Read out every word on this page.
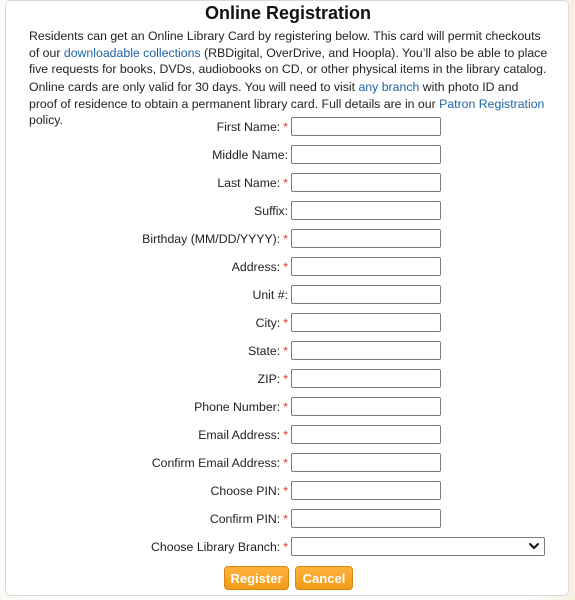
Online Registration

Residents can get an Online Library Card by registering below. This card will permit checkouts of our downloadable collections (RBDigital, OverDrive, and Hoopla). You’ll also be able to place five requests for books, DVDs, audiobooks on CD, or other physical items in the library catalog.

Online cards are only valid for 30 days. You will need to visit any branch with photo ID and proof of residence to obtain a permanent library card. Full details are in our Patron Registration policy.	First Name: *
Middle Name:
Last Name: *
Suffix:
Birthday (MM/DD/YYYY): *
Address: *
Unit #:
City: *
State: *
ZIP: *
Phone Number: *
Email Address: *
Confirm Email Address: *
Choose PIN: *
Confirm PIN: *
Choose Library Branch: *
Register	Cancel
